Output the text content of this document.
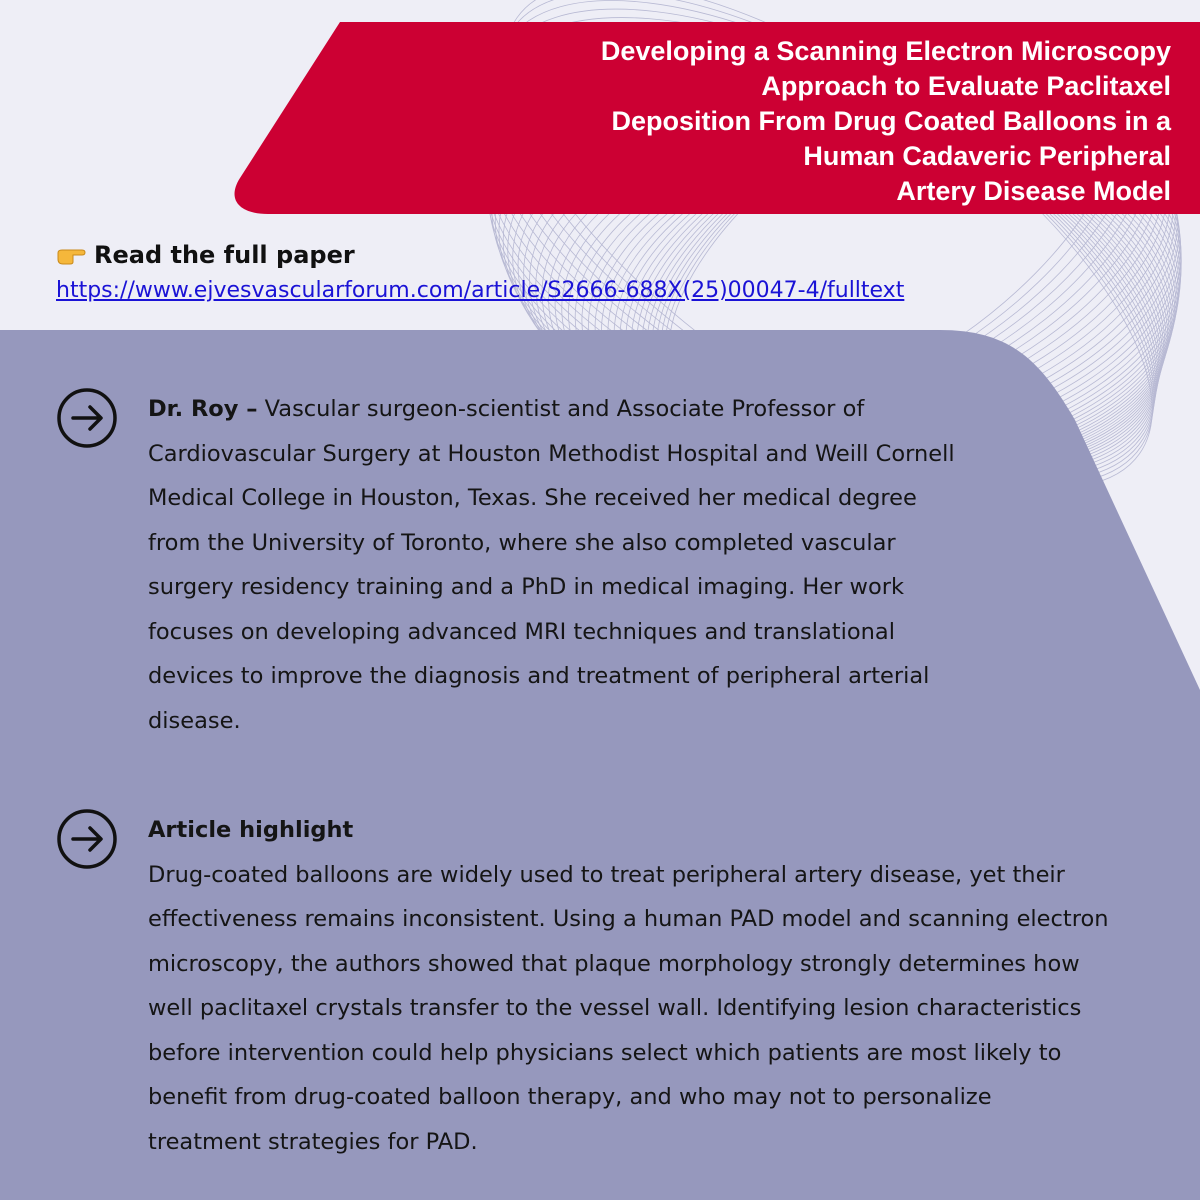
Developing a Scanning Electron Microscopy
Approach to Evaluate Paclitaxel
Deposition From Drug Coated Balloons in a
Human Cadaveric Peripheral
Artery Disease Model
Read the full paper
https://www.ejvesvascularforum.com/article/S2666-688X(25)00047-4/fulltext
Dr. Roy – Vascular surgeon-scientist and Associate Professor of
Cardiovascular Surgery at Houston Methodist Hospital and Weill Cornell
Medical College in Houston, Texas. She received her medical degree
from the University of Toronto, where she also completed vascular
surgery residency training and a PhD in medical imaging. Her work
focuses on developing advanced MRI techniques and translational
devices to improve the diagnosis and treatment of peripheral arterial
disease.
Article highlight
Drug-coated balloons are widely used to treat peripheral artery disease, yet their
effectiveness remains inconsistent. Using a human PAD model and scanning electron
microscopy, the authors showed that plaque morphology strongly determines how
well paclitaxel crystals transfer to the vessel wall. Identifying lesion characteristics
before intervention could help physicians select which patients are most likely to
benefit from drug-coated balloon therapy, and who may not to personalize
treatment strategies for PAD.
